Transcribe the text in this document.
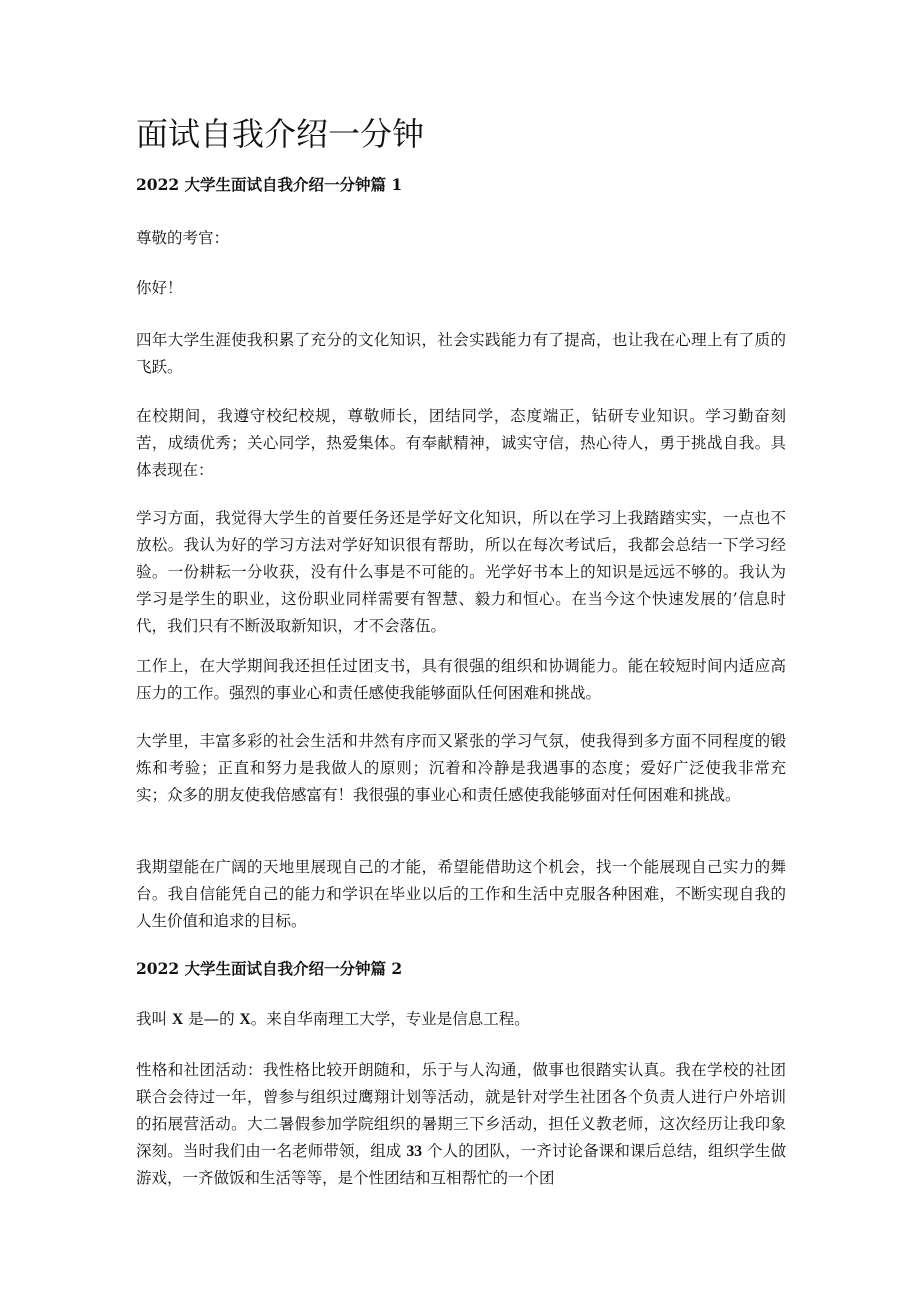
面试自我介绍一分钟

2022 大学生面试自我介绍一分钟篇 1

尊敬的考官：

你好！

四年大学生涯使我积累了充分的文化知识，社会实践能力有了提高，也让我在心理上有了质的飞跃。

在校期间，我遵守校纪校规，尊敬师长，团结同学，态度端正，钻研专业知识。学习勤奋刻苦，成绩优秀；关心同学，热爱集体。有奉献精神，诚实守信，热心待人，勇于挑战自我。具体表现在：

学习方面，我觉得大学生的首要任务还是学好文化知识，所以在学习上我踏踏实实，一点也不放松。我认为好的学习方法对学好知识很有帮助，所以在每次考试后，我都会总结一下学习经验。一份耕耘一分收获，没有什么事是不可能的。光学好书本上的知识是远远不够的。我认为学习是学生的职业，这份职业同样需要有智慧、毅力和恒心。在当今这个快速发展的’信息时代，我们只有不断汲取新知识，才不会落伍。

工作上，在大学期间我还担任过团支书，具有很强的组织和协调能力。能在较短时间内适应高压力的工作。强烈的事业心和责任感使我能够面队任何困难和挑战。

大学里，丰富多彩的社会生活和井然有序而又紧张的学习气氛，使我得到多方面不同程度的锻炼和考验；正直和努力是我做人的原则；沉着和冷静是我遇事的态度；爱好广泛使我非常充实；众多的朋友使我倍感富有！我很强的事业心和责任感使我能够面对任何困难和挑战。

我期望能在广阔的天地里展现自己的才能，希望能借助这个机会，找一个能展现自己实力的舞台。我自信能凭自己的能力和学识在毕业以后的工作和生活中克服各种困难，不断实现自我的人生价值和追求的目标。

2022 大学生面试自我介绍一分钟篇 2

我叫 X 是—的 X。来自华南理工大学，专业是信息工程。

性格和社团活动：我性格比较开朗随和，乐于与人沟通，做事也很踏实认真。我在学校的社团联合会待过一年，曾参与组织过鹰翔计划等活动，就是针对学生社团各个负责人进行户外培训的拓展营活动。大二暑假参加学院组织的暑期三下乡活动，担任义教老师，这次经历让我印象深刻。当时我们由一名老师带领，组成 33 个人的团队，一齐讨论备课和课后总结，组织学生做游戏，一齐做饭和生活等等，是个性团结和互相帮忙的一个团
